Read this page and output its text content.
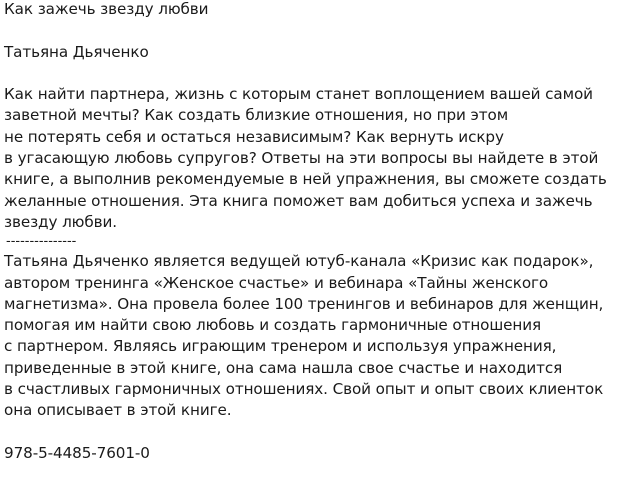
Как зажечь звезду любви
Татьяна Дьяченко
Как найти партнера, жизнь с которым станет воплощением вашей самой
заветной мечты? Как создать близкие отношения, но при этом
не потерять себя и остаться независимым? Как вернуть искру
в угасающую любовь супругов? Ответы на эти вопросы вы найдете в этой
книге, а выполнив рекомендуемые в ней упражнения, вы сможете создать
желанные отношения. Эта книга поможет вам добиться успеха и зажечь
звезду любви.
---------------
Татьяна Дьяченко является ведущей ютуб-канала «Кризис как подарок»,
автором тренинга «Женское счастье» и вебинара «Тайны женского
магнетизма». Она провела более 100 тренингов и вебинаров для женщин,
помогая им найти свою любовь и создать гармоничные отношения
с партнером. Являясь играющим тренером и используя упражнения,
приведенные в этой книге, она сама нашла свое счастье и находится
в счастливых гармоничных отношениях. Свой опыт и опыт своих клиенток
она описывает в этой книге.
978-5-4485-7601-0
